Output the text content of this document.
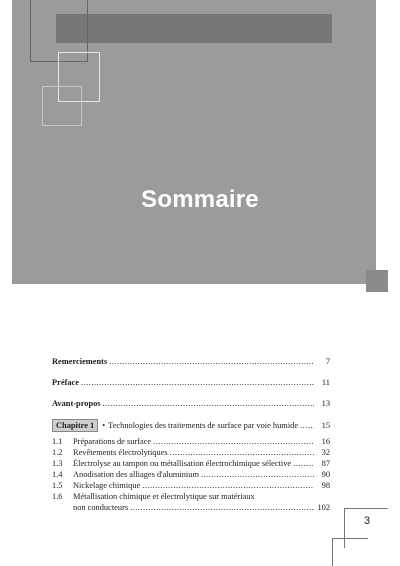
Sommaire
Remerciements .....	7
Préface .....	11
Avant-propos .....	13
Chapitre 1 • Technologies des traitements de surface par voie humide .....	15
1.1	Préparations de surface .....	16
1.2	Revêtements électrolytiques .....	32
1.3	Électrolyse au tampon ou métallisation électrochimique sélective .....	87
1.4	Anodisation des alliages d'aluminium .....	90
1.5	Nickelage chimique .....	98
1.6	Métallisation chimique et électrolytique sur matériaux
non conducteurs .....	102
3
